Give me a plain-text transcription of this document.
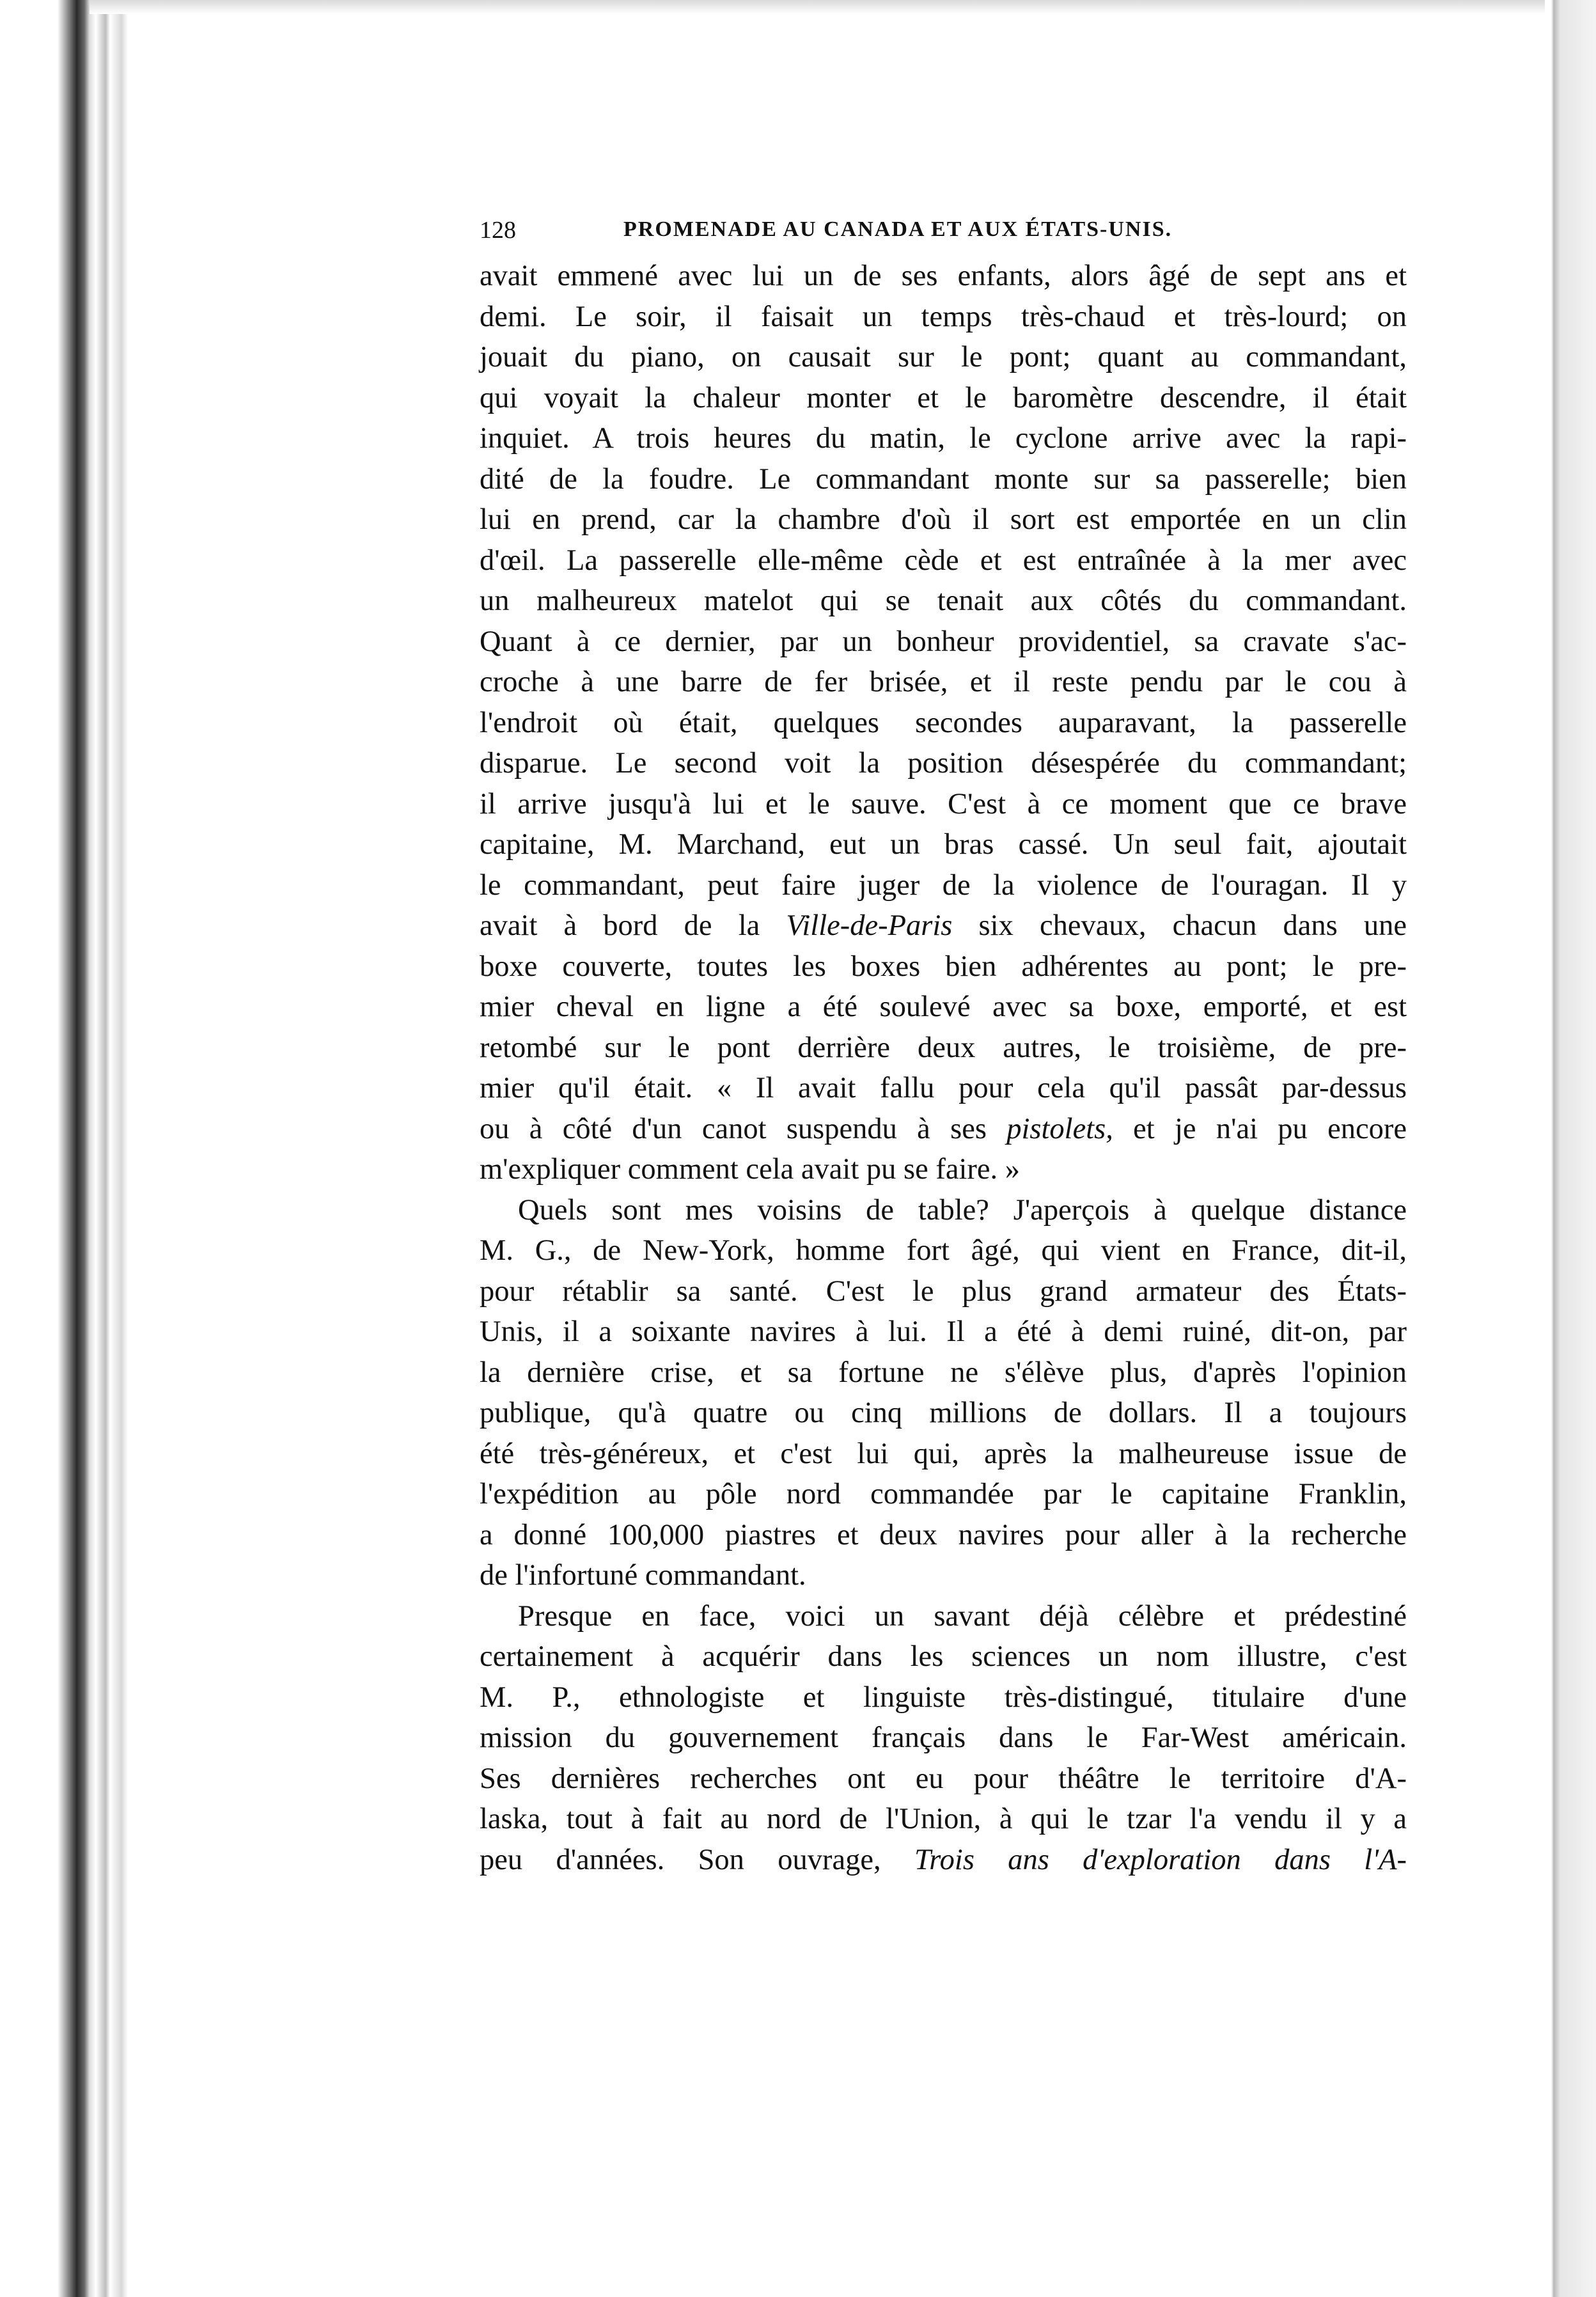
128	PROMENADE AU CANADA ET AUX ÉTATS-UNIS.

avait emmené avec lui un de ses enfants, alors âgé de sept ans et

demi. Le soir, il faisait un temps très-chaud et très-lourd; on

jouait du piano, on causait sur le pont; quant au commandant,

qui voyait la chaleur monter et le baromètre descendre, il était

inquiet. A trois heures du matin, le cyclone arrive avec la rapi-

dité de la foudre. Le commandant monte sur sa passerelle; bien

lui en prend, car la chambre d'où il sort est emportée en un clin

d'œil. La passerelle elle-même cède et est entraînée à la mer avec

un malheureux matelot qui se tenait aux côtés du commandant.

Quant à ce dernier, par un bonheur providentiel, sa cravate s'ac-

croche à une barre de fer brisée, et il reste pendu par le cou à

l'endroit où était, quelques secondes auparavant, la passerelle

disparue. Le second voit la position désespérée du commandant;

il arrive jusqu'à lui et le sauve. C'est à ce moment que ce brave

capitaine, M. Marchand, eut un bras cassé. Un seul fait, ajoutait

le commandant, peut faire juger de la violence de l'ouragan. Il y

avait à bord de la Ville-de-Paris six chevaux, chacun dans une

boxe couverte, toutes les boxes bien adhérentes au pont; le pre-

mier cheval en ligne a été soulevé avec sa boxe, emporté, et est

retombé sur le pont derrière deux autres, le troisième, de pre-

mier qu'il était. « Il avait fallu pour cela qu'il passât par-dessus

ou à côté d'un canot suspendu à ses pistolets, et je n'ai pu encore

m'expliquer comment cela avait pu se faire. »

Quels sont mes voisins de table? J'aperçois à quelque distance

M. G., de New-York, homme fort âgé, qui vient en France, dit-il,

pour rétablir sa santé. C'est le plus grand armateur des États-

Unis, il a soixante navires à lui. Il a été à demi ruiné, dit-on, par

la dernière crise, et sa fortune ne s'élève plus, d'après l'opinion

publique, qu'à quatre ou cinq millions de dollars. Il a toujours

été très-généreux, et c'est lui qui, après la malheureuse issue de

l'expédition au pôle nord commandée par le capitaine Franklin,

a donné 100,000 piastres et deux navires pour aller à la recherche

de l'infortuné commandant.

Presque en face, voici un savant déjà célèbre et prédestiné

certainement à acquérir dans les sciences un nom illustre, c'est

M. P., ethnologiste et linguiste très-distingué, titulaire d'une

mission du gouvernement français dans le Far-West américain.

Ses dernières recherches ont eu pour théâtre le territoire d'A-

laska, tout à fait au nord de l'Union, à qui le tzar l'a vendu il y a

peu d'années. Son ouvrage, Trois ans d'exploration dans l'A-
